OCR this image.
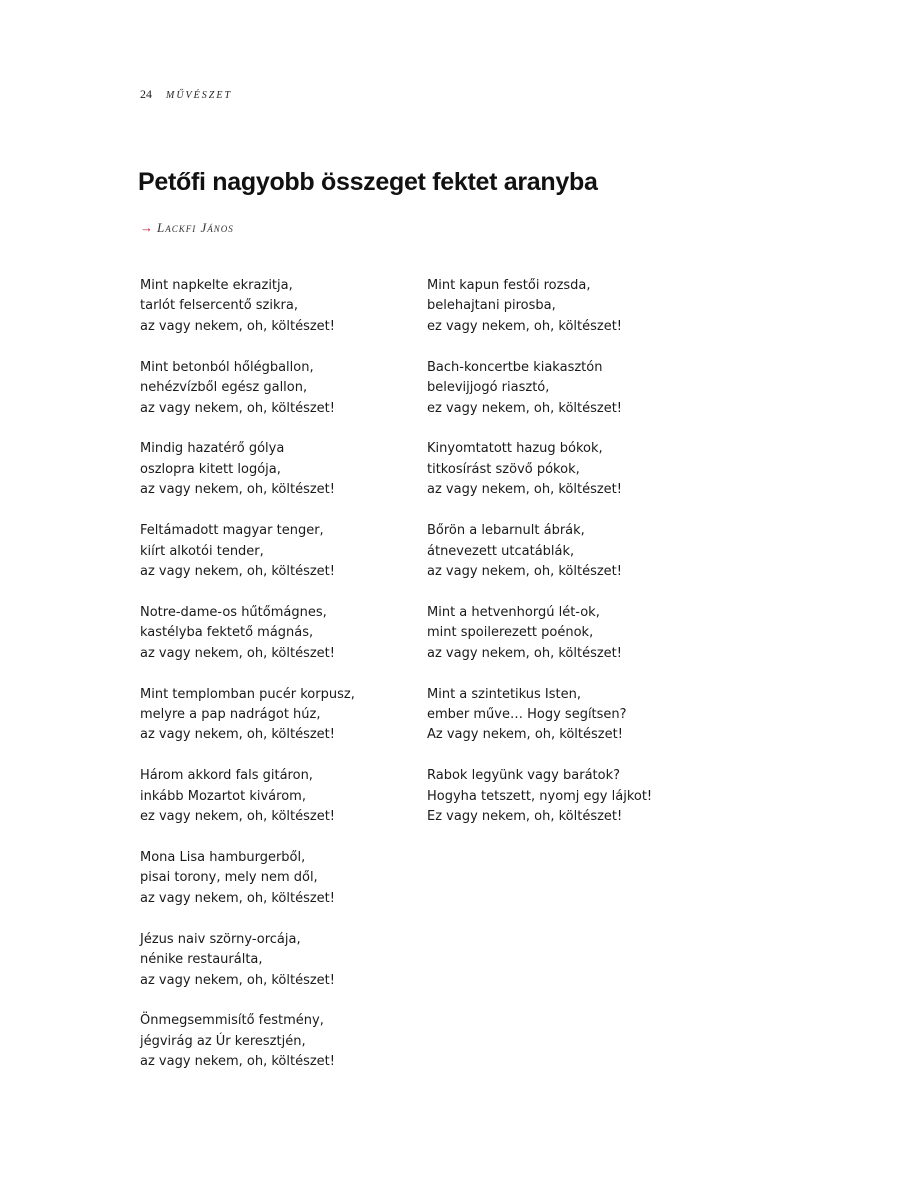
24 MŰVÉSZET
Petőfi nagyobb összeget fektet aranyba
→ Lackfi János
Mint napkelte ekrazitja,
tarlót felsercentő szikra,
az vagy nekem, oh, költészet!
Mint betonból hőlégballon,
nehézvízből egész gallon,
az vagy nekem, oh, költészet!
Mindig hazatérő gólya
oszlopra kitett logója,
az vagy nekem, oh, költészet!
Feltámadott magyar tenger,
kiírt alkotói tender,
az vagy nekem, oh, költészet!
Notre-dame-os hűtőmágnes,
kastélyba fektető mágnás,
az vagy nekem, oh, költészet!
Mint templomban pucér korpusz,
melyre a pap nadrágot húz,
az vagy nekem, oh, költészet!
Három akkord fals gitáron,
inkább Mozartot kivárom,
ez vagy nekem, oh, költészet!
Mona Lisa hamburgerből,
pisai torony, mely nem dől,
az vagy nekem, oh, költészet!
Jézus naiv szörny-orcája,
nénike restaurálta,
az vagy nekem, oh, költészet!
Önmegsemmisítő festmény,
jégvirág az Úr keresztjén,
az vagy nekem, oh, költészet!
Mint kapun festői rozsda,
belehajtani pirosba,
ez vagy nekem, oh, költészet!
Bach-koncertbe kiakasztón
belevijjogó riasztó,
ez vagy nekem, oh, költészet!
Kinyomtatott hazug bókok,
titkosírást szövő pókok,
az vagy nekem, oh, költészet!
Bőrön a lebarnult ábrák,
átnevezett utcatáblák,
az vagy nekem, oh, költészet!
Mint a hetvenhorgú lét-ok,
mint spoilerezett poénok,
az vagy nekem, oh, költészet!
Mint a szintetikus Isten,
ember műve… Hogy segítsen?
Az vagy nekem, oh, költészet!
Rabok legyünk vagy barátok?
Hogyha tetszett, nyomj egy lájkot!
Ez vagy nekem, oh, költészet!
